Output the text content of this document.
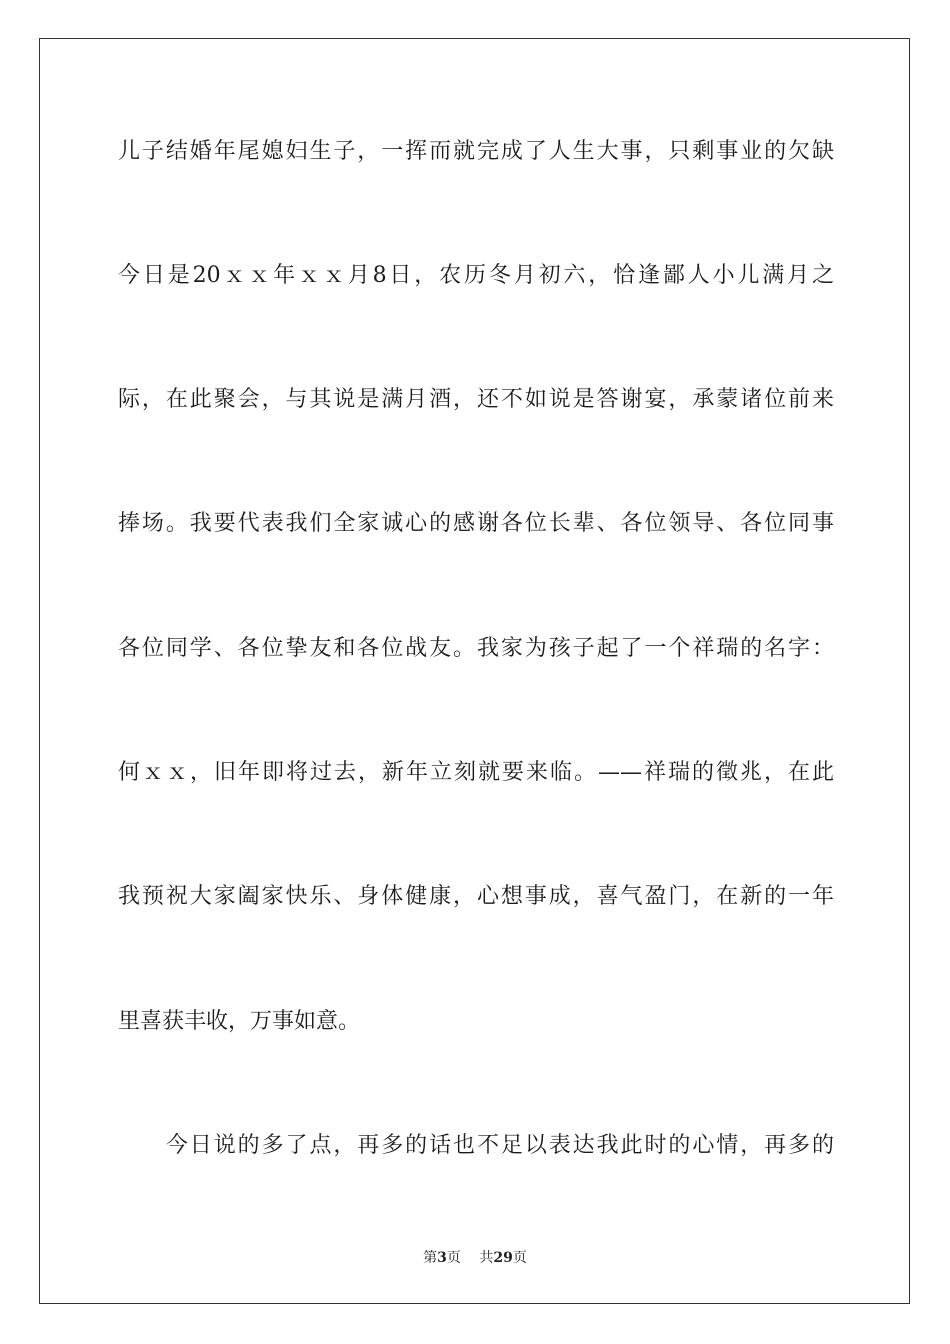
儿子结婚年尾媳妇生子，一挥而就完成了人生大事，只剩事业的欠缺
今日是20ｘｘ年ｘｘ月8日，农历冬月初六，恰逢鄙人小儿满月之
际，在此聚会，与其说是满月酒，还不如说是答谢宴，承蒙诸位前来
捧场。我要代表我们全家诚心的感谢各位长辈、各位领导、各位同事
各位同学、各位挚友和各位战友。我家为孩子起了一个祥瑞的名字：
何ｘｘ，旧年即将过去，新年立刻就要来临。——祥瑞的徵兆，在此
我预祝大家阖家快乐、身体健康，心想事成，喜气盈门，在新的一年
里喜获丰收，万事如意。
　　今日说的多了点，再多的话也不足以表达我此时的心情，再多的
第3页　 共29页
